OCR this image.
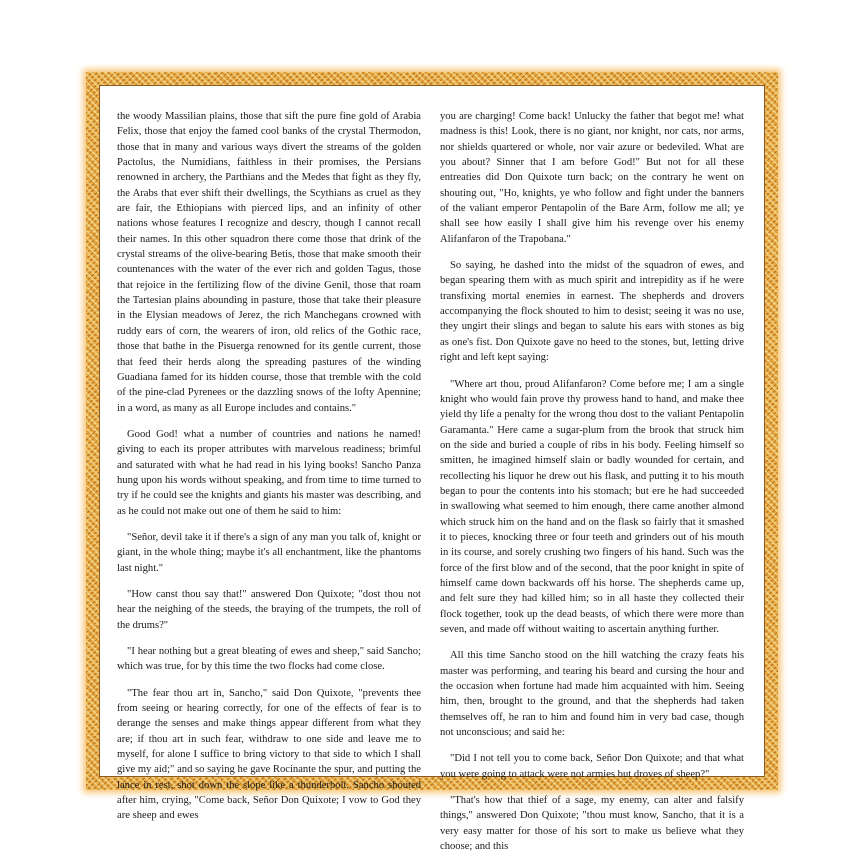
the woody Massilian plains, those that sift the pure fine gold of Arabia Felix, those that enjoy the famed cool banks of the crystal Thermodon, those that in many and various ways divert the streams of the golden Pactolus, the Numidians, faithless in their promises, the Persians renowned in archery, the Parthians and the Medes that fight as they fly, the Arabs that ever shift their dwellings, the Scythians as cruel as they are fair, the Ethiopians with pierced lips, and an infinity of other nations whose features I recognize and descry, though I cannot recall their names. In this other squadron there come those that drink of the crystal streams of the olive-bearing Betis, those that make smooth their countenances with the water of the ever rich and golden Tagus, those that rejoice in the fertilizing flow of the divine Genil, those that roam the Tartesian plains abounding in pasture, those that take their pleasure in the Elysian meadows of Jerez, the rich Manchegans crowned with ruddy ears of corn, the wearers of iron, old relics of the Gothic race, those that bathe in the Pisuerga renowned for its gentle current, those that feed their herds along the spreading pastures of the winding Guadiana famed for its hidden course, those that tremble with the cold of the pine-clad Pyrenees or the dazzling snows of the lofty Apennine; in a word, as many as all Europe includes and contains."

Good God! what a number of countries and nations he named! giving to each its proper attributes with marvelous readiness; brimful and saturated with what he had read in his lying books! Sancho Panza hung upon his words without speaking, and from time to time turned to try if he could see the knights and giants his master was describing, and as he could not make out one of them he said to him:

"Señor, devil take it if there's a sign of any man you talk of, knight or giant, in the whole thing; maybe it's all enchantment, like the phantoms last night."

"How canst thou say that!" answered Don Quixote; "dost thou not hear the neighing of the steeds, the braying of the trumpets, the roll of the drums?"

"I hear nothing but a great bleating of ewes and sheep," said Sancho; which was true, for by this time the two flocks had come close.

"The fear thou art in, Sancho," said Don Quixote, "prevents thee from seeing or hearing correctly, for one of the effects of fear is to derange the senses and make things appear different from what they are; if thou art in such fear, withdraw to one side and leave me to myself, for alone I suffice to bring victory to that side to which I shall give my aid;" and so saying he gave Rocinante the spur, and putting the lance in rest, shot down the slope like a thunderbolt. Sancho shouted after him, crying, "Come back, Señor Don Quixote; I vow to God they are sheep and ewes

you are charging! Come back! Unlucky the father that begot me! what madness is this! Look, there is no giant, nor knight, nor cats, nor arms, nor shields quartered or whole, nor vair azure or bedeviled. What are you about? Sinner that I am before God!" But not for all these entreaties did Don Quixote turn back; on the contrary he went on shouting out, "Ho, knights, ye who follow and fight under the banners of the valiant emperor Pentapolin of the Bare Arm, follow me all; ye shall see how easily I shall give him his revenge over his enemy Alifanfaron of the Trapobana."

So saying, he dashed into the midst of the squadron of ewes, and began spearing them with as much spirit and intrepidity as if he were transfixing mortal enemies in earnest. The shepherds and drovers accompanying the flock shouted to him to desist; seeing it was no use, they ungirt their slings and began to salute his ears with stones as big as one's fist. Don Quixote gave no heed to the stones, but, letting drive right and left kept saying:

"Where art thou, proud Alifanfaron? Come before me; I am a single knight who would fain prove thy prowess hand to hand, and make thee yield thy life a penalty for the wrong thou dost to the valiant Pentapolin Garamanta." Here came a sugar-plum from the brook that struck him on the side and buried a couple of ribs in his body. Feeling himself so smitten, he imagined himself slain or badly wounded for certain, and recollecting his liquor he drew out his flask, and putting it to his mouth began to pour the contents into his stomach; but ere he had succeeded in swallowing what seemed to him enough, there came another almond which struck him on the hand and on the flask so fairly that it smashed it to pieces, knocking three or four teeth and grinders out of his mouth in its course, and sorely crushing two fingers of his hand. Such was the force of the first blow and of the second, that the poor knight in spite of himself came down backwards off his horse. The shepherds came up, and felt sure they had killed him; so in all haste they collected their flock together, took up the dead beasts, of which there were more than seven, and made off without waiting to ascertain anything further.

All this time Sancho stood on the hill watching the crazy feats his master was performing, and tearing his beard and cursing the hour and the occasion when fortune had made him acquainted with him. Seeing him, then, brought to the ground, and that the shepherds had taken themselves off, he ran to him and found him in very bad case, though not unconscious; and said he:

"Did I not tell you to come back, Señor Don Quixote; and that what you were going to attack were not armies but droves of sheep?"

"That's how that thief of a sage, my enemy, can alter and falsify things," answered Don Quixote; "thou must know, Sancho, that it is a very easy matter for those of his sort to make us believe what they choose; and this
